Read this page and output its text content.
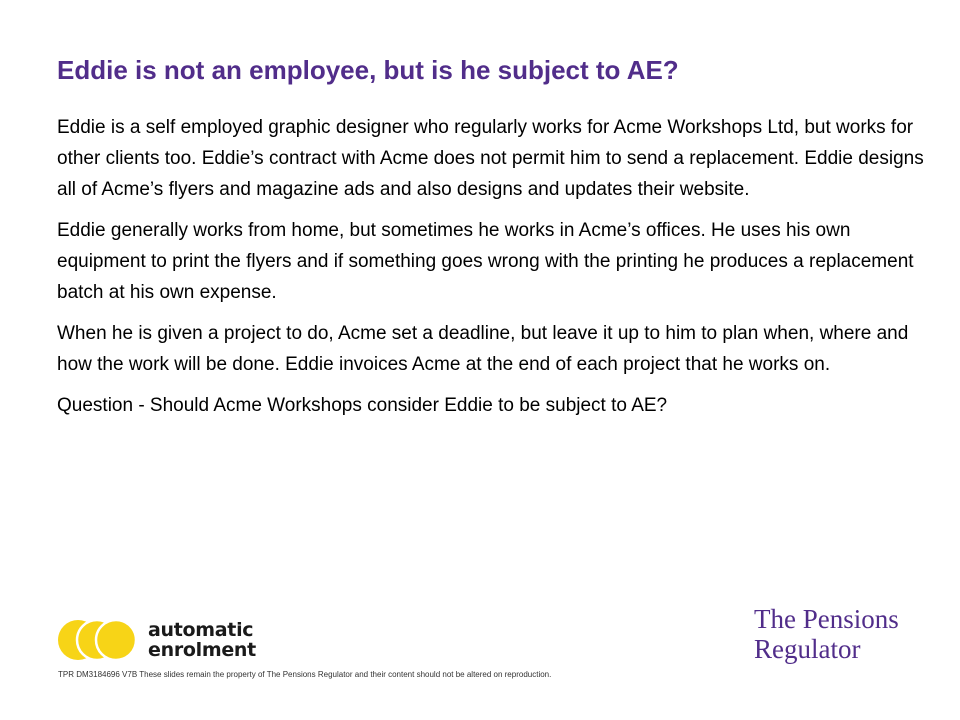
Eddie is not an employee, but is he subject to AE?

Eddie is a self employed graphic designer who regularly works for Acme Workshops Ltd, but works for other clients too. Eddie’s contract with Acme does not permit him to send a replacement. Eddie designs all of Acme’s flyers and magazine ads and also designs and updates their website.

Eddie generally works from home, but sometimes he works in Acme’s offices. He uses his own equipment to print the flyers and if something goes wrong with the printing he produces a replacement batch at his own expense.

When he is given a project to do, Acme set a deadline, but leave it up to him to plan when, where and how the work will be done. Eddie invoices Acme at the end of each project that he works on.

Question - Should Acme Workshops consider Eddie to be subject to AE?

automatic
enrolment
The Pensions
Regulator
TPR DM3184696 V7B These slides remain the property of The Pensions Regulator and their content should not be altered on reproduction.
